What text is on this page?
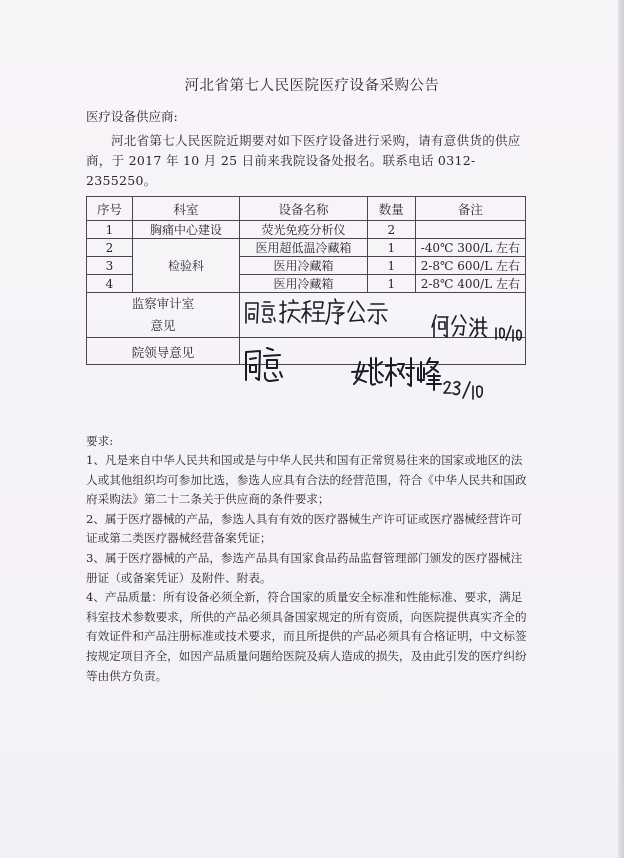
河北省第七人民医院医疗设备采购公告
医疗设备供应商:
河北省第七人民医院近期要对如下医疗设备进行采购，请有意供货的供应商，于 2017 年 10 月 25 日前来我院设备处报名。联系电话 0312-2355250。
序号	科室	设备名称	数量	备注
1	胸痛中心建设	荧光免疫分析仪	2	
2	检验科	医用超低温冷藏箱	1	-40℃ 300/L 左右
3		医用冷藏箱	1	2-8℃ 600/L 左右
4		医用冷藏箱	1	2-8℃ 400/L 左右

监察审计室
意见

院领导意见	
要求:

1、凡是来自中华人民共和国或是与中华人民共和国有正常贸易往来的国家或地区的法人或其他组织均可参加比选，参选人应具有合法的经营范围，符合《中华人民共和国政府采购法》第二十二条关于供应商的条件要求；

2、属于医疗器械的产品，参选人具有有效的医疗器械生产许可证或医疗器械经营许可证或第二类医疗器械经营备案凭证；

3、属于医疗器械的产品，参选产品具有国家食品药品监督管理部门颁发的医疗器械注册证（或备案凭证）及附件、附表。

4、产品质量：所有设备必须全新，符合国家的质量安全标准和性能标准、要求，满足科室技术参数要求，所供的产品必须具备国家规定的所有资质，向医院提供真实齐全的有效证件和产品注册标准或技术要求，而且所提供的产品必须具有合格证明，中文标签按规定项目齐全，如因产品质量问题给医院及病人造成的损失，及由此引发的医疗纠纷等由供方负责。
